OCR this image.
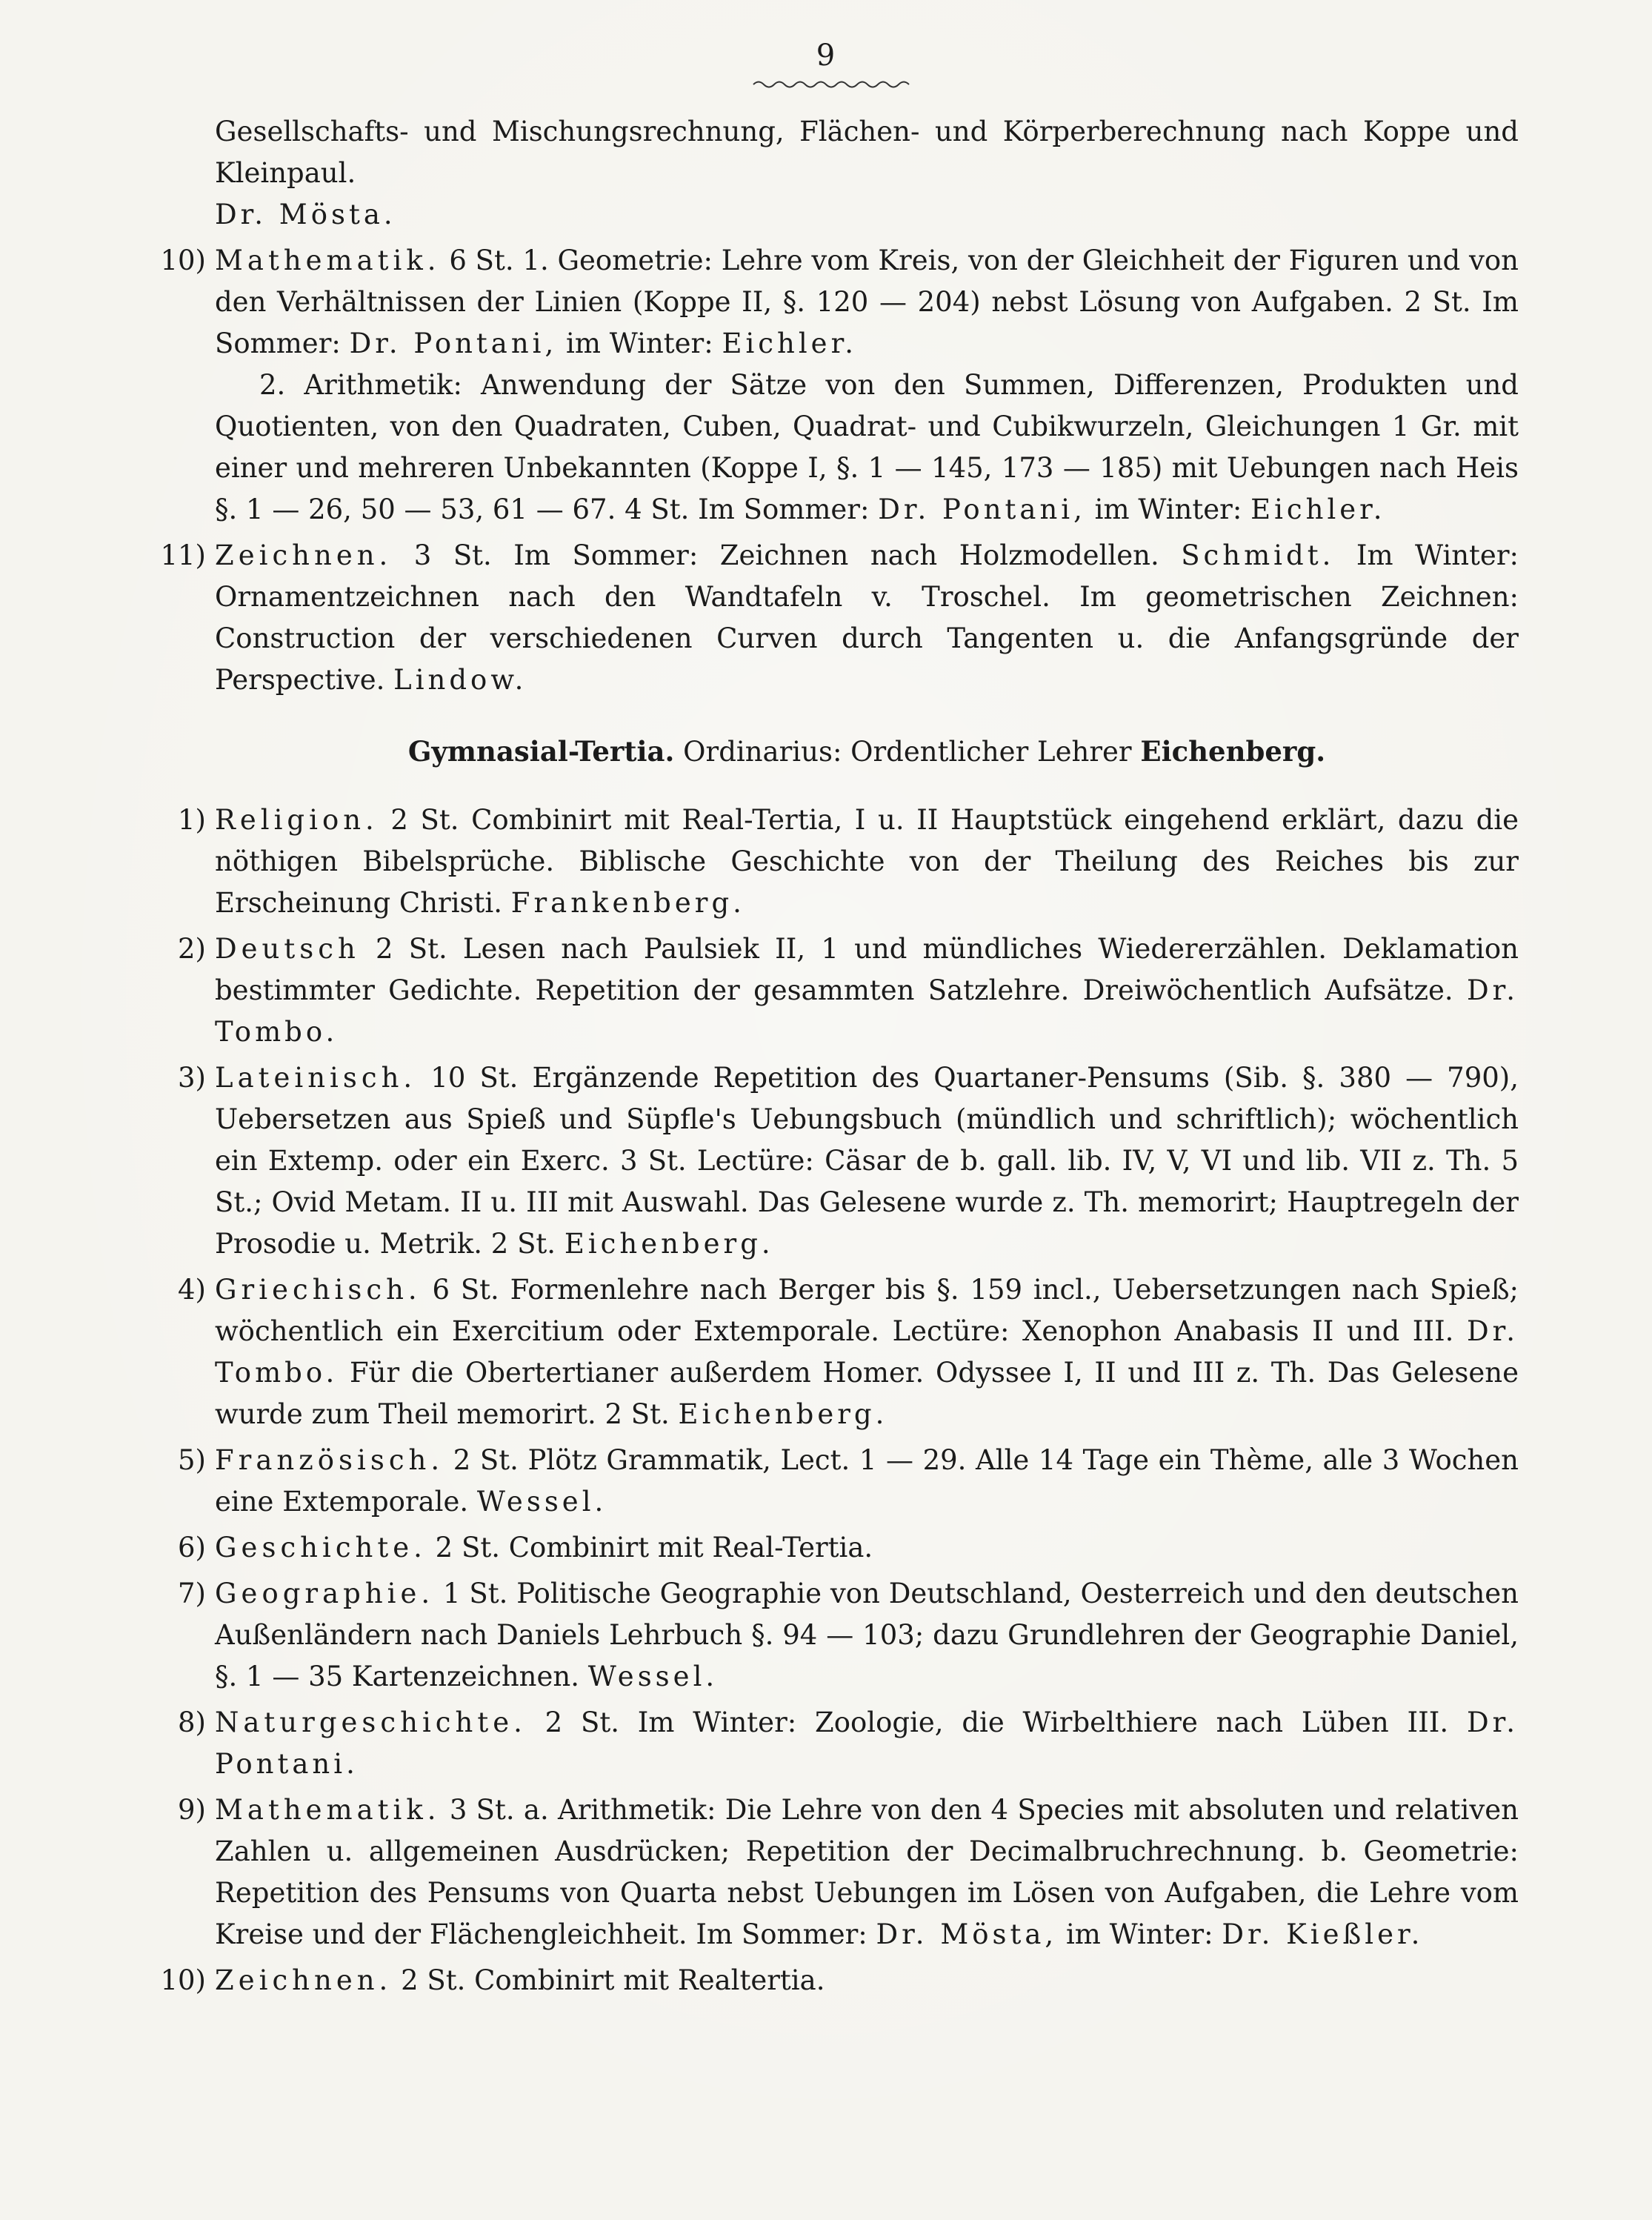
9
Gesellschafts- und Mischungsrechnung, Flächen- und Körperberechnung nach Koppe und Kleinpaul.
Dr. Mösta.
10) Mathematik. 6 St. 1. Geometrie: Lehre vom Kreis, von der Gleichheit der Figuren und von den Verhältnissen der Linien (Koppe II, §. 120 — 204) nebst Lösung von Aufgaben. 2 St. Im Sommer: Dr. Pontani, im Winter: Eichler.
2. Arithmetik: Anwendung der Sätze von den Summen, Differenzen, Produkten und Quotienten, von den Quadraten, Cuben, Quadrat- und Cubikwurzeln, Gleichungen 1 Gr. mit einer und mehreren Unbekannten (Koppe I, §. 1 — 145, 173 — 185) mit Uebungen nach Heis §. 1 — 26, 50 — 53, 61 — 67. 4 St. Im Sommer: Dr. Pontani, im Winter: Eichler.
11) Zeichnen. 3 St. Im Sommer: Zeichnen nach Holzmodellen. Schmidt. Im Winter: Ornamentzeichnen nach den Wandtafeln v. Troschel. Im geometrischen Zeichnen: Construction der verschiedenen Curven durch Tangenten u. die Anfangsgründe der Perspective. Lindow.
Gymnasial-Tertia. Ordinarius: Ordentlicher Lehrer Eichenberg.
1) Religion. 2 St. Combinirt mit Real-Tertia, I u. II Hauptstück eingehend erklärt, dazu die nöthigen Bibelsprüche. Biblische Geschichte von der Theilung des Reiches bis zur Erscheinung Christi. Frankenberg.
2) Deutsch 2 St. Lesen nach Paulsiek II, 1 und mündliches Wiedererzählen. Deklamation bestimmter Gedichte. Repetition der gesammten Satzlehre. Dreiwöchentlich Aufsätze. Dr. Tombo.
3) Lateinisch. 10 St. Ergänzende Repetition des Quartaner-Pensums (Sib. §. 380 — 790), Uebersetzen aus Spieß und Süpfle's Uebungsbuch (mündlich und schriftlich); wöchentlich ein Extemp. oder ein Exerc. 3 St. Lectüre: Cäsar de b. gall. lib. IV, V, VI und lib. VII z. Th. 5 St.; Ovid Metam. II u. III mit Auswahl. Das Gelesene wurde z. Th. memorirt; Hauptregeln der Prosodie u. Metrik. 2 St. Eichenberg.
4) Griechisch. 6 St. Formenlehre nach Berger bis §. 159 incl., Uebersetzungen nach Spieß; wöchentlich ein Exercitium oder Extemporale. Lectüre: Xenophon Anabasis II und III. Dr. Tombo. Für die Obertertianer außerdem Homer. Odyssee I, II und III z. Th. Das Gelesene wurde zum Theil memorirt. 2 St. Eichenberg.
5) Französisch. 2 St. Plötz Grammatik, Lect. 1 — 29. Alle 14 Tage ein Thème, alle 3 Wochen eine Extemporale. Wessel.
6) Geschichte. 2 St. Combinirt mit Real-Tertia.
7) Geographie. 1 St. Politische Geographie von Deutschland, Oesterreich und den deutschen Außenländern nach Daniels Lehrbuch §. 94 — 103; dazu Grundlehren der Geographie Daniel, §. 1 — 35 Kartenzeichnen. Wessel.
8) Naturgeschichte. 2 St. Im Winter: Zoologie, die Wirbelthiere nach Lüben III. Dr. Pontani.
9) Mathematik. 3 St. a. Arithmetik: Die Lehre von den 4 Species mit absoluten und relativen Zahlen u. allgemeinen Ausdrücken; Repetition der Decimalbruchrechnung. b. Geometrie: Repetition des Pensums von Quarta nebst Uebungen im Lösen von Aufgaben, die Lehre vom Kreise und der Flächengleichheit. Im Sommer: Dr. Mösta, im Winter: Dr. Kießler.
10) Zeichnen. 2 St. Combinirt mit Realtertia.
